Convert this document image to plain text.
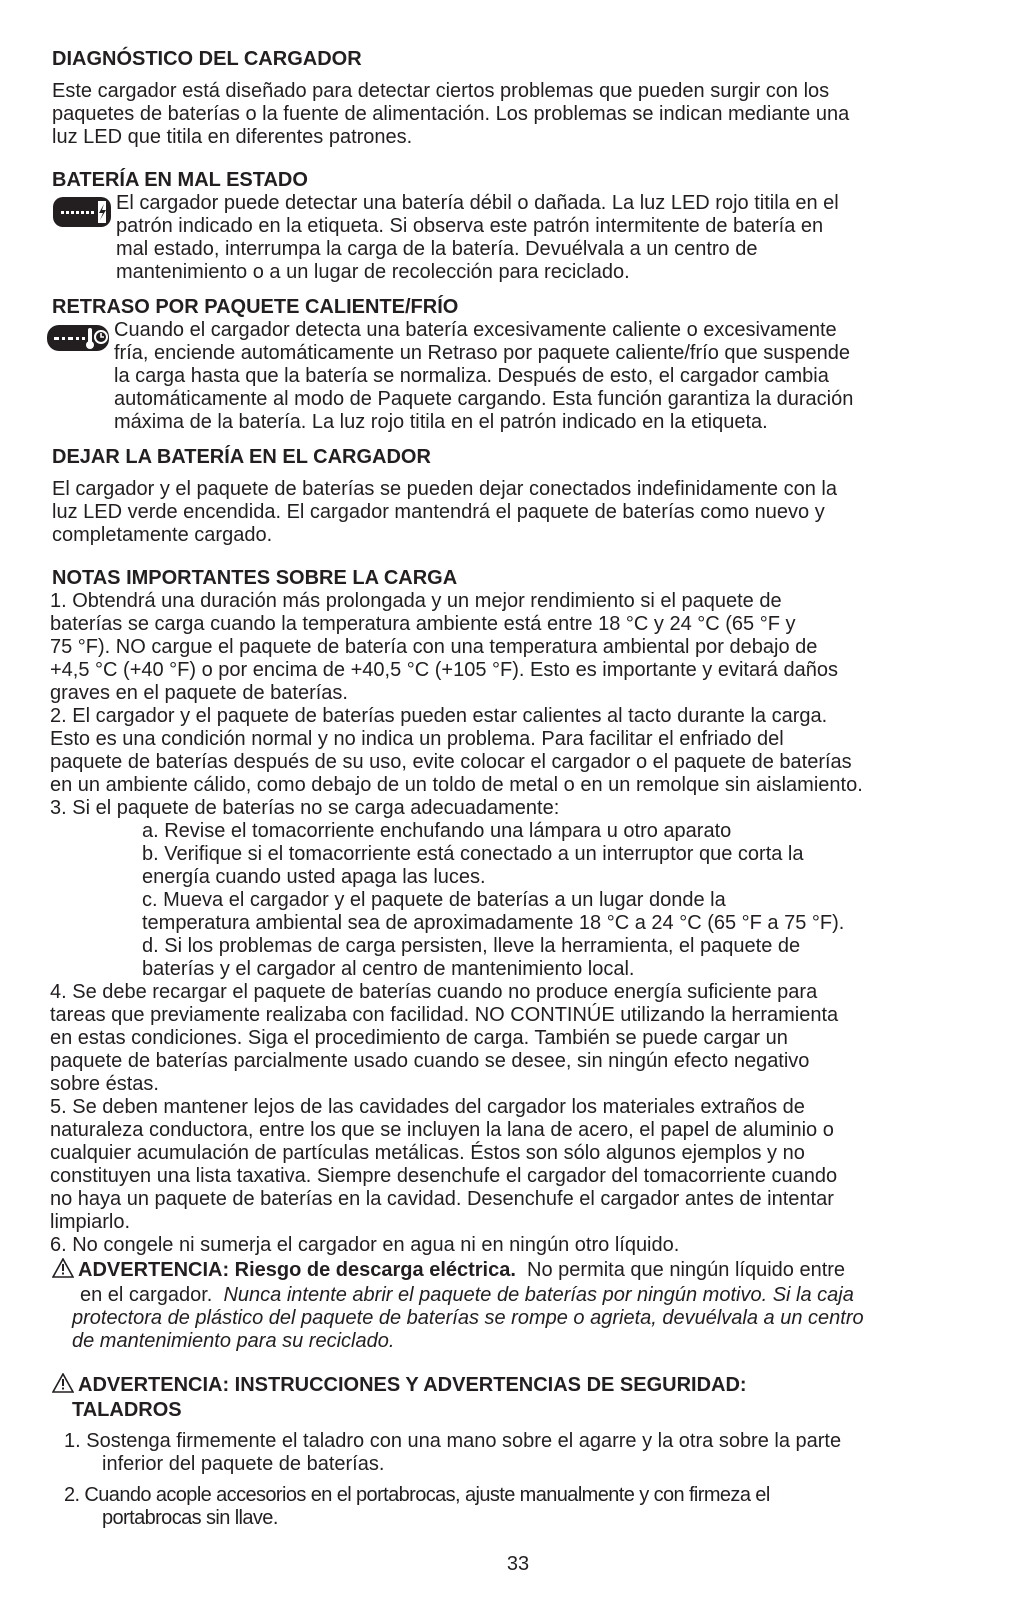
DIAGNÓSTICO DEL CARGADOR

Este cargador está diseñado para detectar ciertos problemas que pueden surgir con los

paquetes de baterías o la fuente de alimentación. Los problemas se indican mediante una

luz LED que titila en diferentes patrones.

BATERÍA EN MAL ESTADO

El cargador puede detectar una batería débil o dañada. La luz LED rojo titila en el

patrón indicado en la etiqueta. Si observa este patrón intermitente de batería en

mal estado, interrumpa la carga de la batería. Devuélvala a un centro de

mantenimiento o a un lugar de recolección para reciclado.

RETRASO POR PAQUETE CALIENTE/FRÍO

Cuando el cargador detecta una batería excesivamente caliente o excesivamente

fría, enciende automáticamente un Retraso por paquete caliente/frío que suspende

la carga hasta que la batería se normaliza. Después de esto, el cargador cambia

automáticamente al modo de Paquete cargando. Esta función garantiza la duración

máxima de la batería. La luz rojo titila en el patrón indicado en la etiqueta.

DEJAR LA BATERÍA EN EL CARGADOR

El cargador y el paquete de baterías se pueden dejar conectados indefinidamente con la

luz LED verde encendida. El cargador mantendrá el paquete de baterías como nuevo y

completamente cargado.

NOTAS IMPORTANTES SOBRE LA CARGA

1. Obtendrá una duración más prolongada y un mejor rendimiento si el paquete de

baterías se carga cuando la temperatura ambiente está entre 18 °C y 24 °C (65 °F y

75 °F). NO cargue el paquete de batería con una temperatura ambiental por debajo de

+4,5 °C (+40 °F) o por encima de +40,5 °C (+105 °F). Esto es importante y evitará daños

graves en el paquete de baterías.

2. El cargador y el paquete de baterías pueden estar calientes al tacto durante la carga.

Esto es una condición normal y no indica un problema. Para facilitar el enfriado del

paquete de baterías después de su uso, evite colocar el cargador o el paquete de baterías

en un ambiente cálido, como debajo de un toldo de metal o en un remolque sin aislamiento.

3. Si el paquete de baterías no se carga adecuadamente:

a. Revise el tomacorriente enchufando una lámpara u otro aparato

b. Verifique si el tomacorriente está conectado a un interruptor que corta la

energía cuando usted apaga las luces.

c. Mueva el cargador y el paquete de baterías a un lugar donde la

temperatura ambiental sea de aproximadamente 18 °C a 24 °C (65 °F a 75 °F).

d. Si los problemas de carga persisten, lleve la herramienta, el paquete de

baterías y el cargador al centro de mantenimiento local.

4. Se debe recargar el paquete de baterías cuando no produce energía suficiente para

tareas que previamente realizaba con facilidad. NO CONTINÚE utilizando la herramienta

en estas condiciones. Siga el procedimiento de carga. También se puede cargar un

paquete de baterías parcialmente usado cuando se desee, sin ningún efecto negativo

sobre éstas.

5. Se deben mantener lejos de las cavidades del cargador los materiales extraños de

naturaleza conductora, entre los que se incluyen la lana de acero, el papel de aluminio o

cualquier acumulación de partículas metálicas. Éstos son sólo algunos ejemplos y no

constituyen una lista taxativa. Siempre desenchufe el cargador del tomacorriente cuando

no haya un paquete de baterías en la cavidad. Desenchufe el cargador antes de intentar

limpiarlo.

6. No congele ni sumerja el cargador en agua ni en ningún otro líquido.

ADVERTENCIA: Riesgo de descarga eléctrica. No permita que ningún líquido entre

en el cargador. Nunca intente abrir el paquete de baterías por ningún motivo. Si la caja

protectora de plástico del paquete de baterías se rompe o agrieta, devuélvala a un centro

de mantenimiento para su reciclado.

ADVERTENCIA: INSTRUCCIONES Y ADVERTENCIAS DE SEGURIDAD:

TALADROS

1. Sostenga firmemente el taladro con una mano sobre el agarre y la otra sobre la parte

inferior del paquete de baterías.

2. Cuando acople accesorios en el portabrocas, ajuste manualmente y con firmeza el

portabrocas sin llave.

33
